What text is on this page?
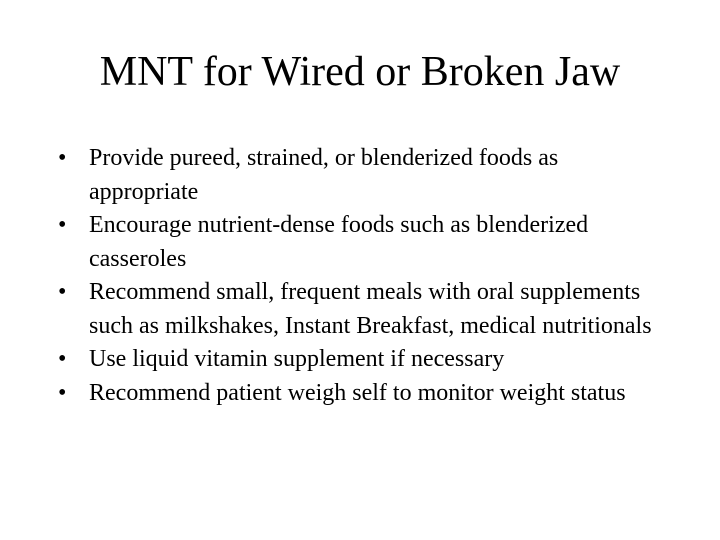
MNT for Wired or Broken Jaw
• Provide pureed, strained, or blenderized foods as appropriate
• Encourage nutrient-dense foods such as blenderized casseroles
• Recommend small, frequent meals with oral supplements such as milkshakes, Instant Breakfast, medical nutritionals
• Use liquid vitamin supplement if necessary
• Recommend patient weigh self to monitor weight status
